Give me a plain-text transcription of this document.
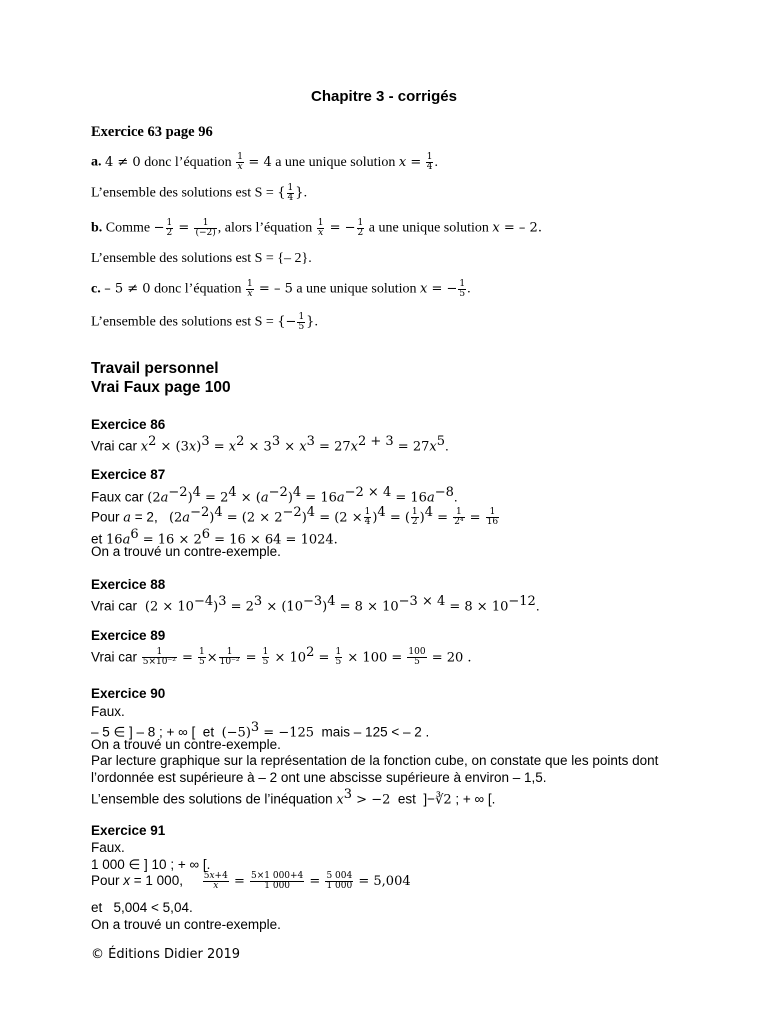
Chapitre 3 - corrigés
Exercice 63 page 96
a. 4 ≠ 0 donc l’équation $\frac{1}{x} = 4$ a une unique solution $x = \frac{1}{4}$ .
L’ensemble des solutions est S = { $\frac{1}{4}$ }.
b. Comme − $\frac{1}{2} = \frac{1}{(-2)}$ , alors l’équation $\frac{1}{x}$ = − $\frac{1}{2}$ a une unique solution x = – 2.
L’ensemble des solutions est S = {– 2}.
c. – 5 ≠ 0 donc l’équation $\frac{1}{x}$ = – 5 a une unique solution x = − $\frac{1}{5}$ .
L’ensemble des solutions est S = {− $\frac{1}{5}$ }.
Travail personnel
Vrai Faux page 100
Exercice 86
Vrai car $x^2 \times (3x)^3 = x^2 \times 3^3 \times x^3 = 27x^{2 + 3} = 27x^5$.
Exercice 87
Faux car $(2a^{-2})^4 = 2^4 \times (a^{-2})^4 = 16a^{-2 \times 4} = 16a^{-8}$.
Pour a = 2,   $(2a^{-2})^4 = (2 \times 2^{-2})^4 = (2 \times \frac{1}{4} )^4$ = ( $\frac{1}{2} )^4 = \frac{1}{\text{2⁴}} = \frac{1}{16}$
et $16a^6 = 16 \times 2^6 = 16 \times 64 = 1024$.
On a trouvé un contre-exemple.
Exercice 88
Vrai car  $(2 \times 10^{-4})^3 = 2^3 \times (10^{-3})^4 = 8 \times 10^{-3 \times 4} = 8 \times 10^{-12}$.
Exercice 89
Vrai car $\frac{1}{\text{5×10⁻²}} = \frac{1}{5} \times \frac{1}{\text{10⁻²}} = \frac{1}{5} \times 10^2 = \frac{1}{5} \times 100 = \frac{100}{5} = 20$ .
Exercice 90
Faux.
– 5 ∈ ] – 8 ; + ∞ [  et  $(-5)^3 = -125$  mais – 125 < – 2 .
On a trouvé un contre-exemple.
Par lecture graphique sur la représentation de la fonction cube, on constate que les points dont
l’ordonnée est supérieure à – 2 ont une abscisse supérieure à environ – 1,5.
L’ensemble des solutions de l’inéquation $x^3 > -2$  est  ]−∛2 ; + ∞ [.
Exercice 91
Faux.
1 000 ∈ ] 10 ; + ∞ [.
Pour x = 1 000, $\frac{5x+4}{x} = \frac{5\times 1 000+4}{1 000} = \frac{5 004}{1 000} = 5,004$
et   5,004 < 5,04.
On a trouvé un contre-exemple.
© Éditions Didier 2019
